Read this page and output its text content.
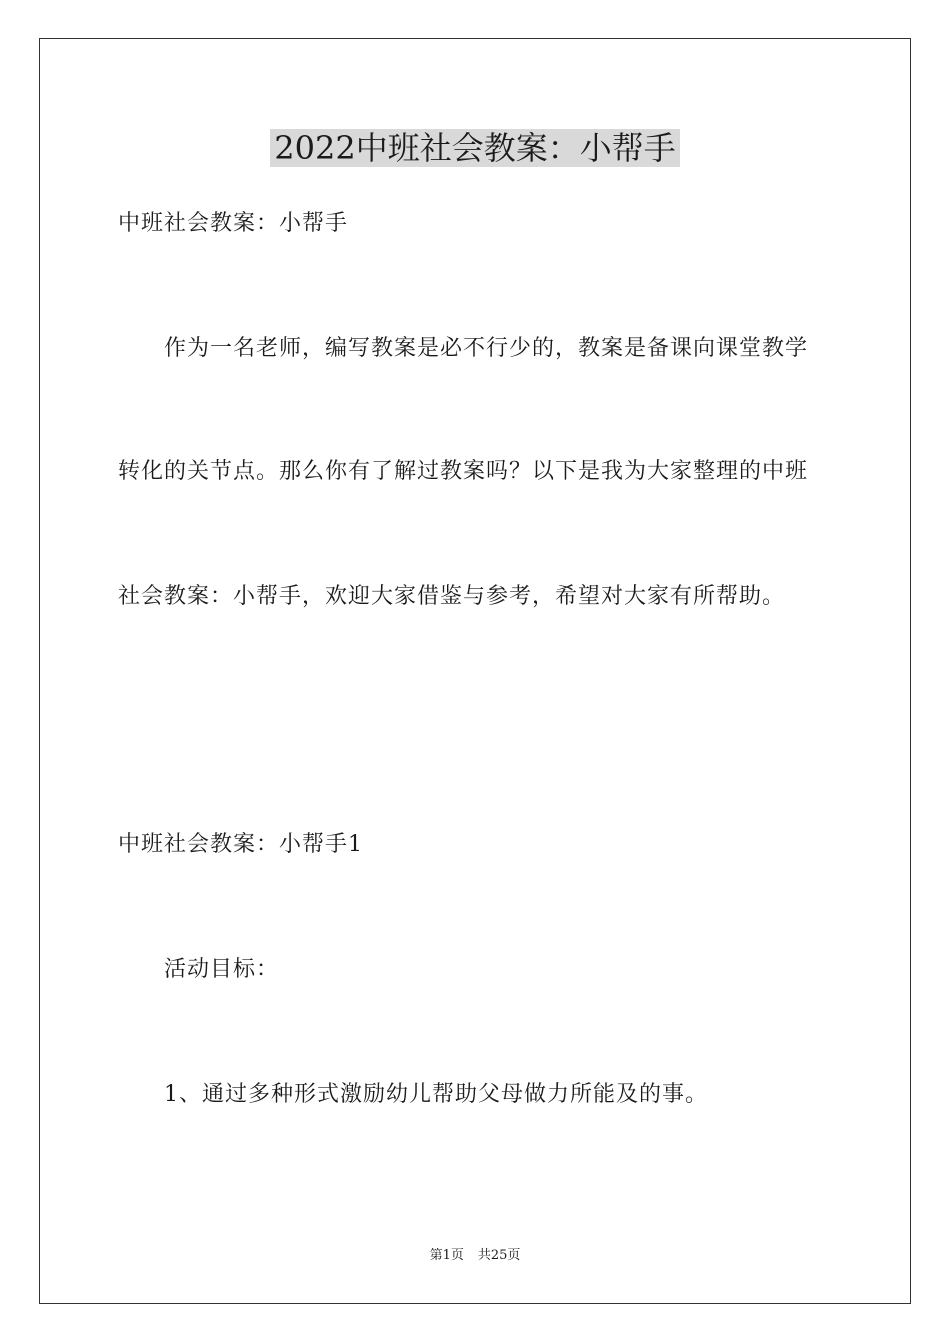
2022中班社会教案：小帮手

中班社会教案：小帮手

作为一名老师，编写教案是必不行少的，教案是备课向课堂教学

转化的关节点。那么你有了解过教案吗？以下是我为大家整理的中班

社会教案：小帮手，欢迎大家借鉴与参考，希望对大家有所帮助。

中班社会教案：小帮手1

活动目标：

1、通过多种形式激励幼儿帮助父母做力所能及的事。

第1页 共25页
